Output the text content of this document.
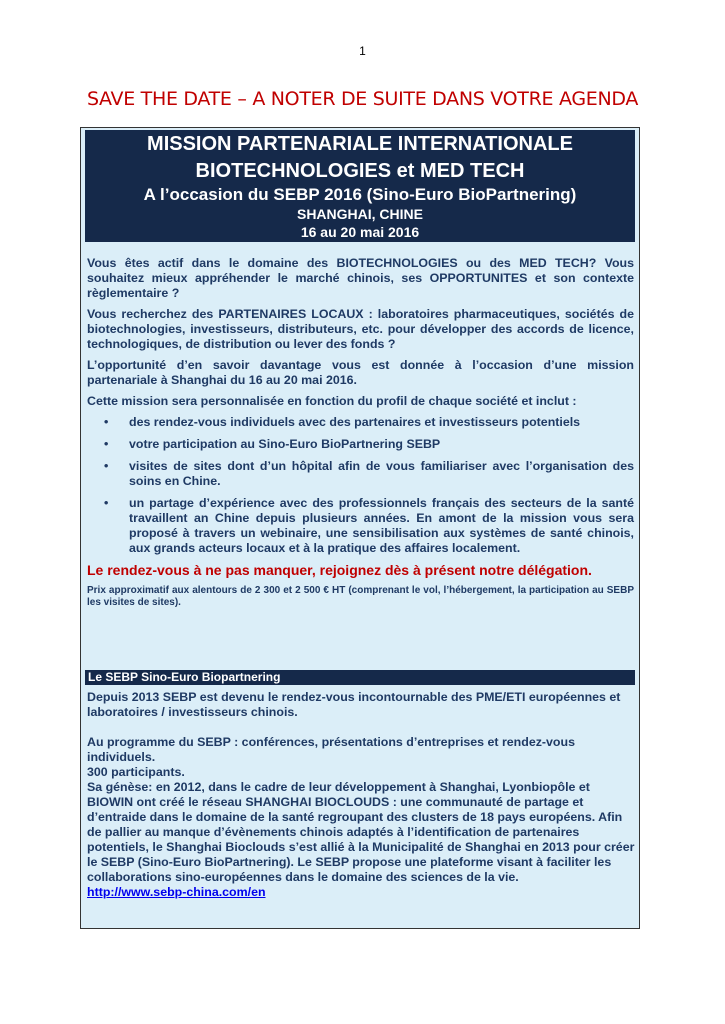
1
SAVE THE DATE – A NOTER DE SUITE DANS VOTRE AGENDA
MISSION PARTENARIALE INTERNATIONALE
BIOTECHNOLOGIES et MED TECH
A l’occasion du SEBP 2016 (Sino-Euro BioPartnering)
SHANGHAI, CHINE
16 au 20 mai 2016

Vous êtes actif dans le domaine des BIOTECHNOLOGIES ou des MED TECH? Vous souhaitez mieux appréhender le marché chinois, ses OPPORTUNITES et son contexte règlementaire ?

Vous recherchez des PARTENAIRES LOCAUX : laboratoires pharmaceutiques, sociétés de biotechnologies, investisseurs, distributeurs, etc. pour développer des accords de licence, technologiques, de distribution ou lever des fonds ?

L’opportunité d’en savoir davantage vous est donnée à l’occasion d’une mission partenariale à Shanghai du 16 au 20 mai 2016.

Cette mission sera personnalisée en fonction du profil de chaque société et inclut :

• des rendez-vous individuels avec des partenaires et investisseurs potentiels
• votre participation au Sino-Euro BioPartnering SEBP
• visites de sites dont d’un hôpital afin de vous familiariser avec l’organisation des soins en Chine.
• un partage d’expérience avec des professionnels français des secteurs de la santé travaillent an Chine depuis plusieurs années. En amont de la mission vous sera proposé à travers un webinaire, une sensibilisation aux systèmes de santé chinois, aux grands acteurs locaux et à la pratique des affaires localement.

Le rendez-vous à ne pas manquer, rejoignez dès à présent notre délégation.

Prix approximatif aux alentours de 2 300 et 2 500 € HT (comprenant le vol, l’hébergement, la participation au SEBP les visites de sites).

Le SEBP Sino-Euro Biopartnering

Depuis 2013 SEBP est devenu le rendez-vous incontournable des PME/ETI européennes et laboratoires / investisseurs chinois.

Au programme du SEBP : conférences, présentations d’entreprises et rendez-vous individuels.

300 participants.

Sa génèse: en 2012, dans le cadre de leur développement à Shanghai, Lyonbiopôle et BIOWIN ont créé le réseau SHANGHAI BIOCLOUDS : une communauté de partage et d’entraide dans le domaine de la santé regroupant des clusters de 18 pays européens. Afin de pallier au manque d’évènements chinois adaptés à l’identification de partenaires potentiels, le Shanghai Bioclouds s’est allié à la Municipalité de Shanghai en 2013 pour créer le SEBP (Sino-Euro BioPartnering). Le SEBP propose une plateforme visant à faciliter les collaborations sino-européennes dans le domaine des sciences de la vie.

http://www.sebp-china.com/en
